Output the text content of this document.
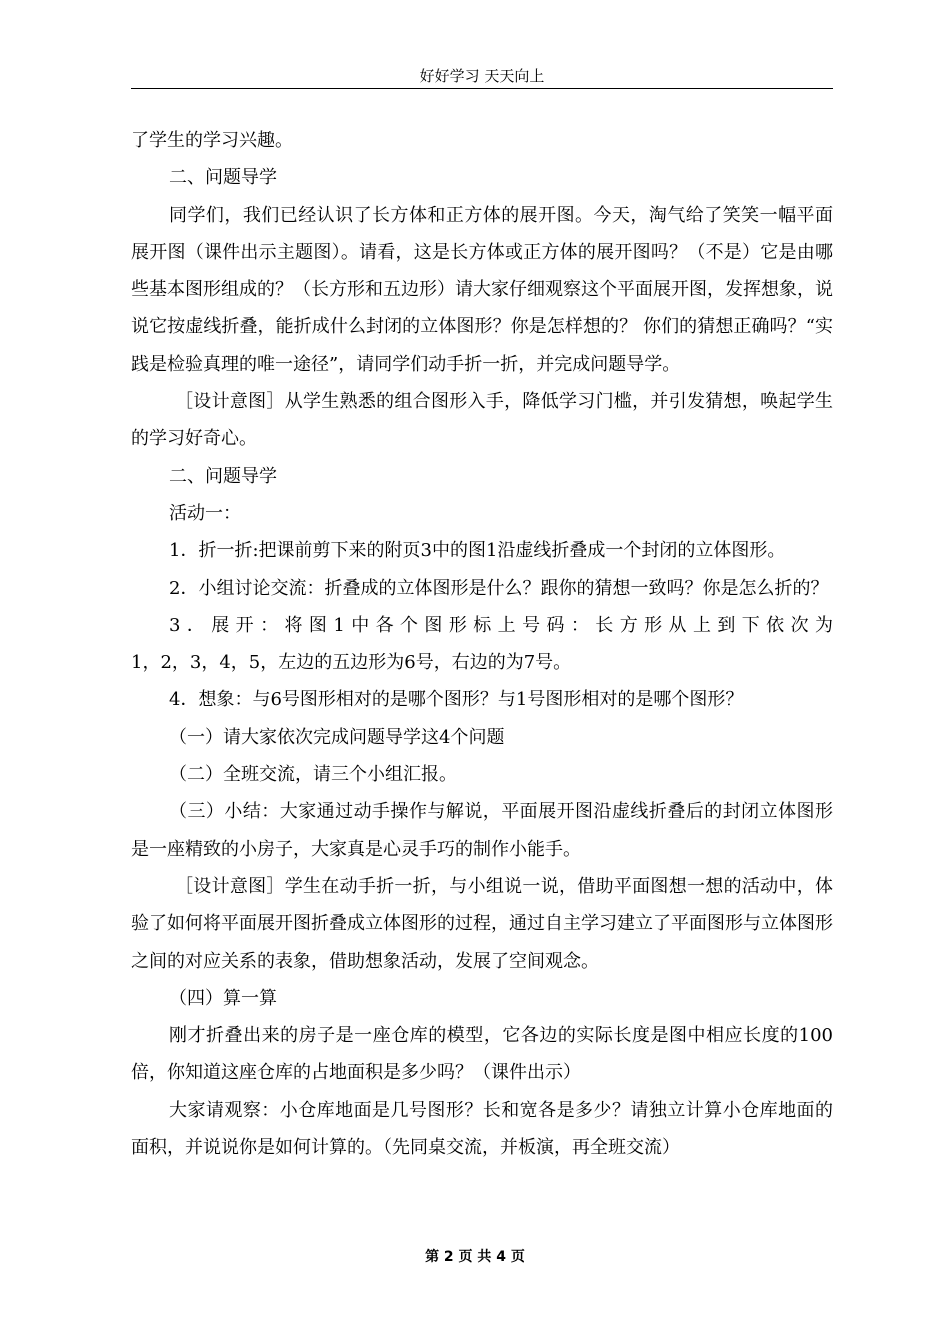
好好学习 天天向上

了学生的学习兴趣。

二、问题导学

同学们，我们已经认识了长方体和正方体的展开图。今天，淘气给了笑笑一幅平面展开图（课件出示主题图）。请看，这是长方体或正方体的展开图吗？（不是）它是由哪些基本图形组成的？（长方形和五边形）请大家仔细观察这个平面展开图，发挥想象，说说它按虚线折叠，能折成什么封闭的立体图形？你是怎样想的？ 你们的猜想正确吗？“实践是检验真理的唯一途径”，请同学们动手折一折，并完成问题导学。

［设计意图］从学生熟悉的组合图形入手，降低学习门槛，并引发猜想，唤起学生的学习好奇心。

二、问题导学

活动一：

1．折一折:把课前剪下来的附页3中的图1沿虚线折叠成一个封闭的立体图形。

2．小组讨论交流：折叠成的立体图形是什么？跟你的猜想一致吗？你是怎么折的？

3．展开：将图1中各个图形标上号码：长方形从上到下依次为

1，2，3，4，5，左边的五边形为6号，右边的为7号。

4．想象：与6号图形相对的是哪个图形？与1号图形相对的是哪个图形？

（一）请大家依次完成问题导学这4个问题

（二）全班交流，请三个小组汇报。

（三）小结：大家通过动手操作与解说，平面展开图沿虚线折叠后的封闭立体图形是一座精致的小房子，大家真是心灵手巧的制作小能手。

［设计意图］学生在动手折一折，与小组说一说，借助平面图想一想的活动中，体验了如何将平面展开图折叠成立体图形的过程，通过自主学习建立了平面图形与立体图形之间的对应关系的表象，借助想象活动，发展了空间观念。

（四）算一算

刚才折叠出来的房子是一座仓库的模型，它各边的实际长度是图中相应长度的100倍，你知道这座仓库的占地面积是多少吗？（课件出示）

大家请观察：小仓库地面是几号图形？长和宽各是多少？请独立计算小仓库地面的面积，并说说你是如何计算的。（先同桌交流，并板演，再全班交流）

第 2 页 共 4 页
